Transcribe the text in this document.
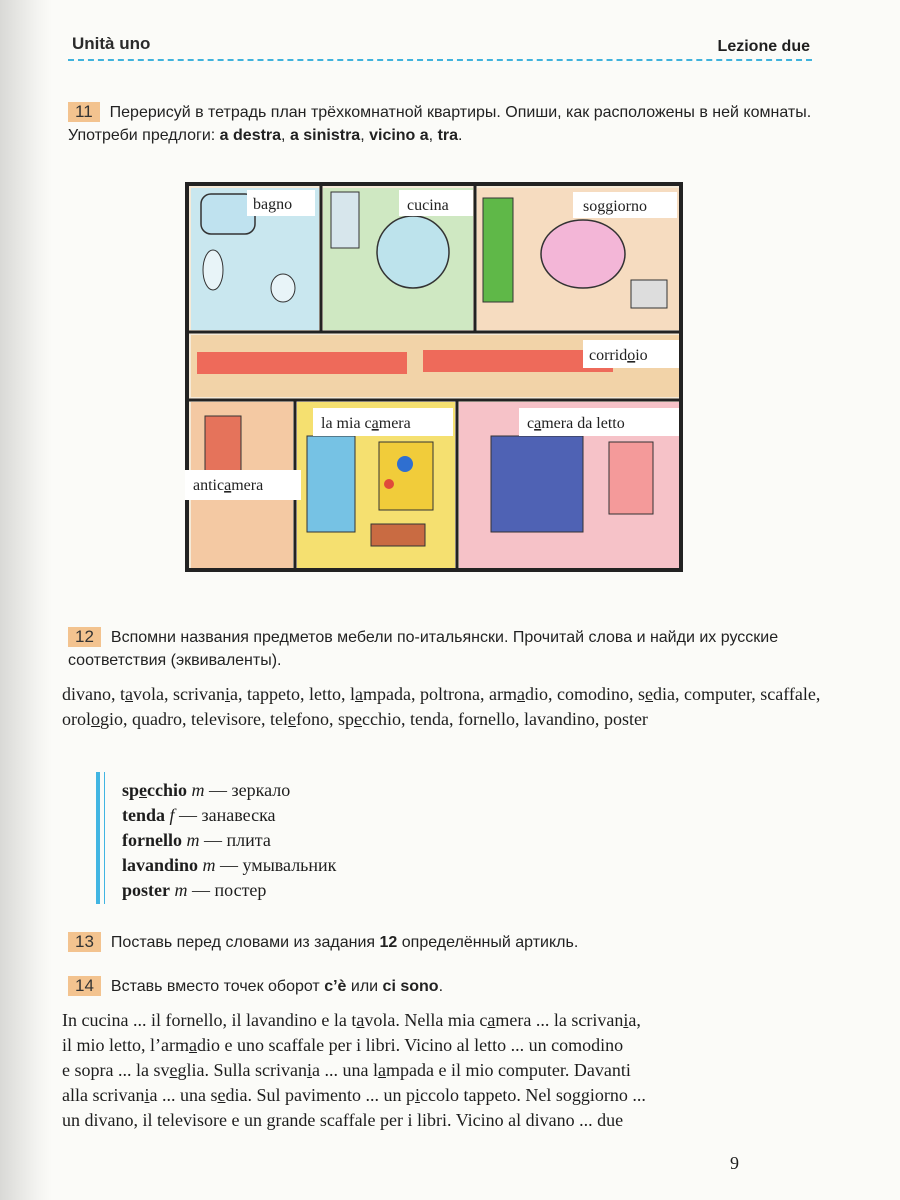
Unità uno	Lezione due
11 Перерисуй в тетрадь план трёхкомнатной квартиры. Опиши, как расположены в ней комнаты. Употреби предлоги: a destra, a sinistra, vicino a, tra.
bagno	cucina	soggiorno
corridoio
la mia camera	camera da letto
anticamera
12 Вспомни названия предметов мебели по-итальянски. Прочитай слова и найди их русские соответствия (эквиваленты).
divano, tavola, scrivania, tappeto, letto, lampada, poltrona, armadio, comodino, sedia, computer, scaffale, orologio, quadro, televisore, telefono, specchio, tenda, fornello, lavandino, poster
specchio m — зеркало
tenda f — занавеска
fornello m — плита
lavandino m — умывальник
poster m — постер
13 Поставь перед словами из задания 12 определённый артикль.
14 Вставь вместо точек оборот c’è или ci sono.
In cucina ... il fornello, il lavandino e la tavola. Nella mia camera ... la scrivania,
il mio letto, l’armadio e uno scaffale per i libri. Vicino al letto ... un comodino
e sopra ... la sveglia. Sulla scrivania ... una lampada e il mio computer. Davanti
alla scrivania ... una sedia. Sul pavimento ... un piccolo tappeto. Nel soggiorno ...
un divano, il televisore e un grande scaffale per i libri. Vicino al divano ... due
9
